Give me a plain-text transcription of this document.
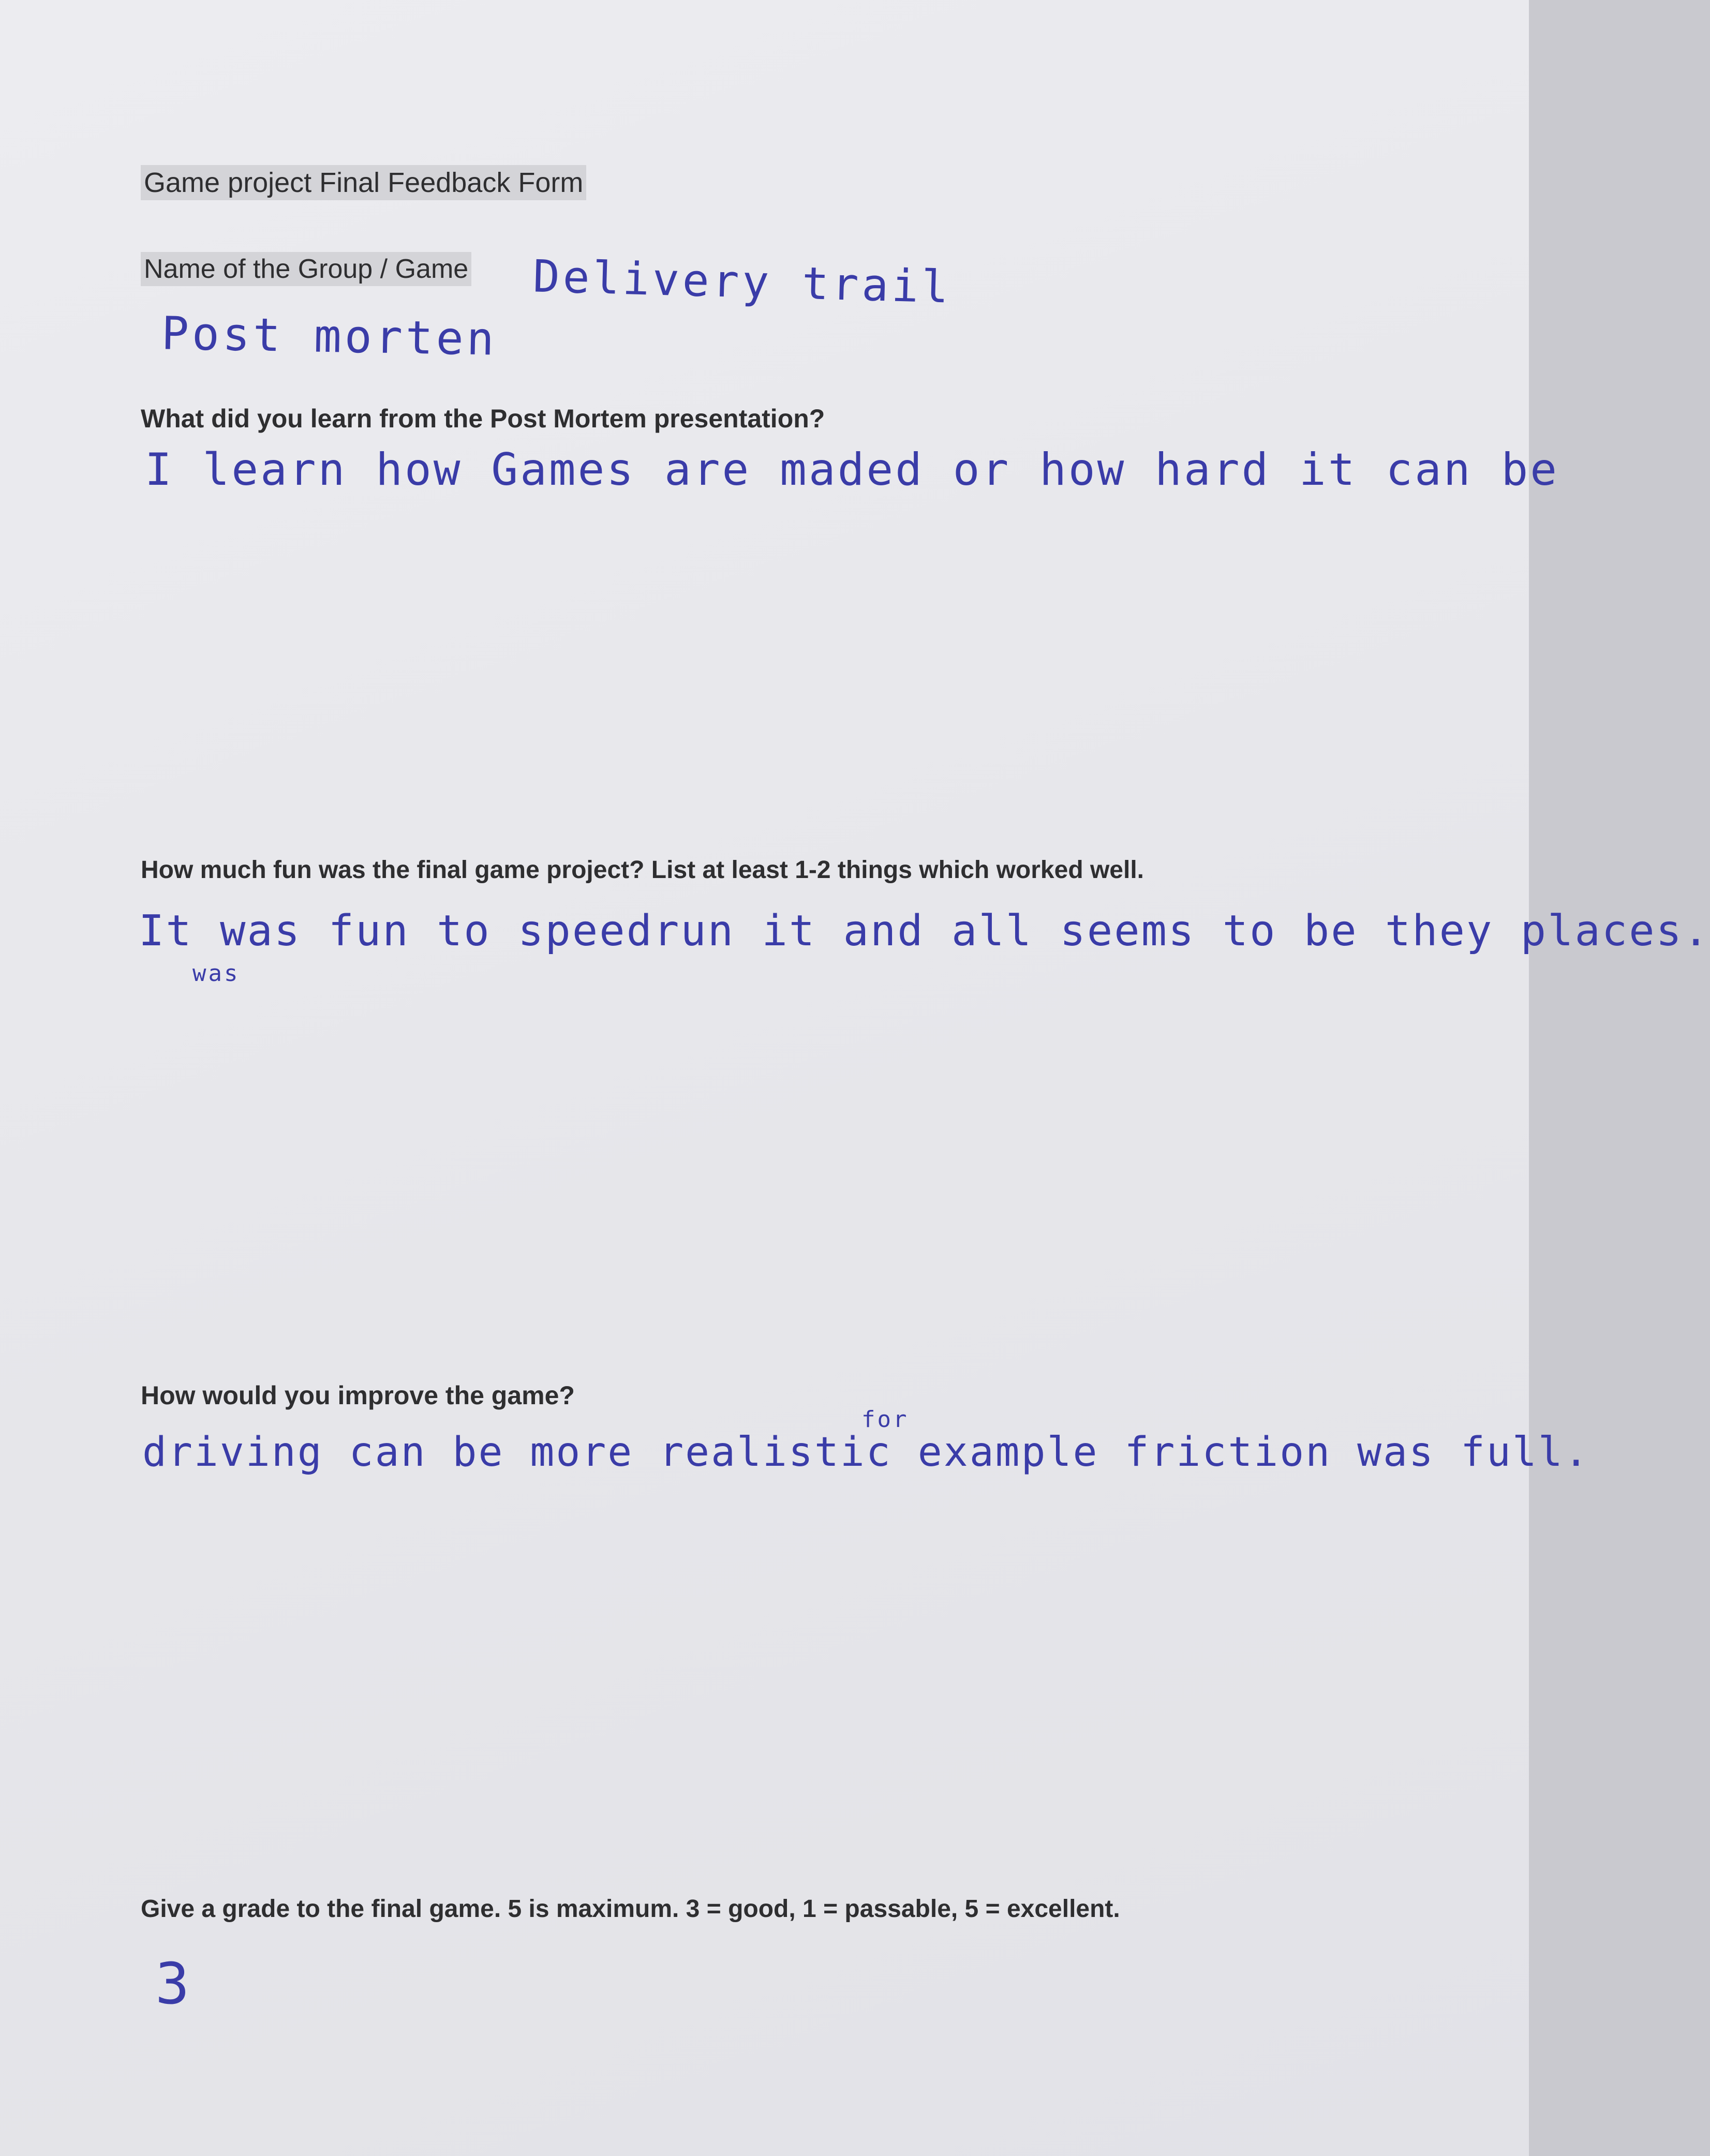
Game project Final Feedback Form
Name of the Group / Game Delivery trail
Post morten
What did you learn from the Post Mortem presentation?
I learn how Games are maded or how hard it can be
How much fun was the final game project? List at least 1-2 things which worked well.
It was fun to speedrun it and all seems to be they places.
was
How would you improve the game?
for
driving can be more realistic example friction was full.
Give a grade to the final game. 5 is maximum. 3 = good, 1 = passable, 5 = excellent.
3
